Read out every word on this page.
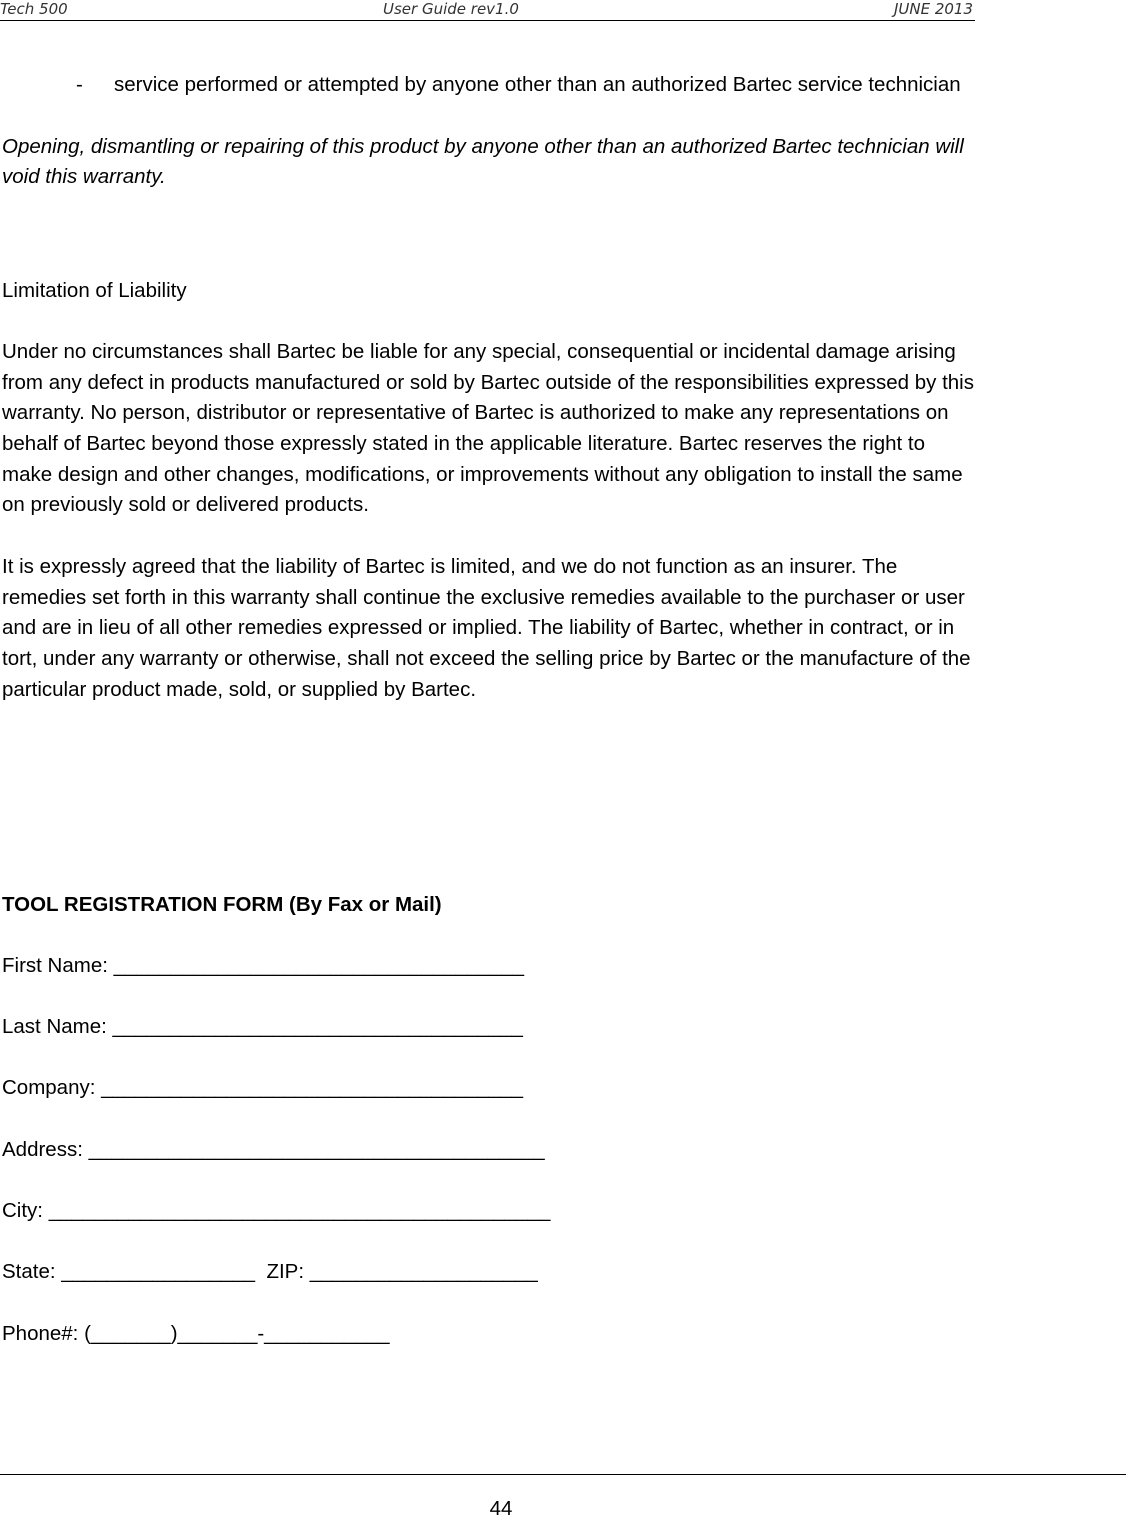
Tech 500	User Guide rev1.0	JUNE 2013
- service performed or attempted by anyone other than an authorized Bartec service technician

Opening, dismantling or repairing of this product by anyone other than an authorized Bartec technician will void this warranty.

Limitation of Liability

Under no circumstances shall Bartec be liable for any special, consequential or incidental damage arising from any defect in products manufactured or sold by Bartec outside of the responsibilities expressed by this warranty. No person, distributor or representative of Bartec is authorized to make any representations on behalf of Bartec beyond those expressly stated in the applicable literature. Bartec reserves the right to make design and other changes, modifications, or improvements without any obligation to install the same on previously sold or delivered products.

It is expressly agreed that the liability of Bartec is limited, and we do not function as an insurer. The remedies set forth in this warranty shall continue the exclusive remedies available to the purchaser or user and are in lieu of all other remedies expressed or implied. The liability of Bartec, whether in contract, or in tort, under any warranty or otherwise, shall not exceed the selling price by Bartec or the manufacture of the particular product made, sold, or supplied by Bartec.

TOOL REGISTRATION FORM (By Fax or Mail)

First Name: ____________________________________

Last Name: ____________________________________

Company: _____________________________________

Address: ________________________________________

City: ____________________________________________

State: _________________  ZIP: ____________________

Phone#: (_______)_______-___________

44
